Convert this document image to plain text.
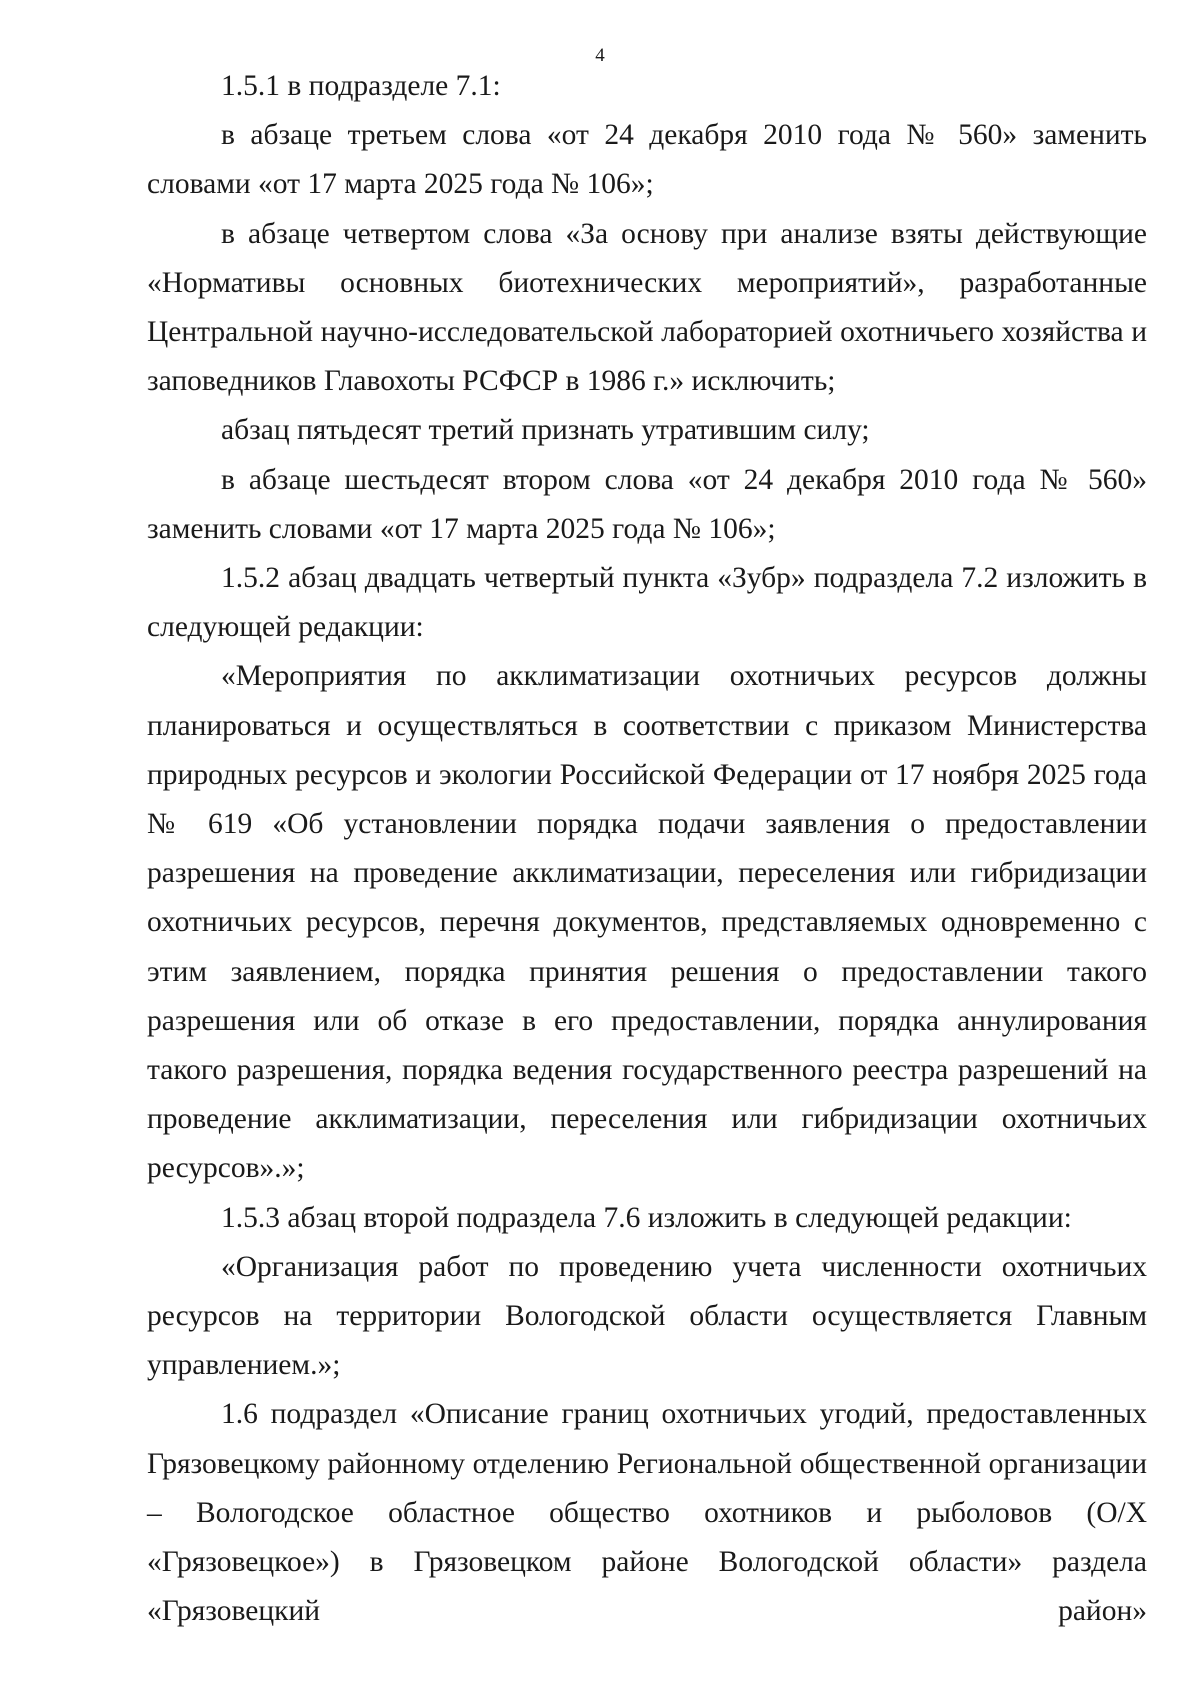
4

1.5.1 в подразделе 7.1:

в абзаце третьем слова «от 24 декабря 2010 года № 560» заменить словами «от 17 марта 2025 года № 106»;

в абзаце четвертом слова «За основу при анализе взяты действующие «Нормативы основных биотехнических мероприятий», разработанные Центральной научно-исследовательской лабораторией охотничьего хозяйства и заповедников Главохоты РСФСР в 1986 г.» исключить;

абзац пятьдесят третий признать утратившим силу;

в абзаце шестьдесят втором слова «от 24 декабря 2010 года № 560» заменить словами «от 17 марта 2025 года № 106»;

1.5.2 абзац двадцать четвертый пункта «Зубр» подраздела 7.2 изложить в следующей редакции:

«Мероприятия по акклиматизации охотничьих ресурсов должны планироваться и осуществляться в соответствии с приказом Министерства природных ресурсов и экологии Российской Федерации от 17 ноября 2025 года № 619 «Об установлении порядка подачи заявления о предоставлении разрешения на проведение акклиматизации, переселения или гибридизации охотничьих ресурсов, перечня документов, представляемых одновременно с этим заявлением, порядка принятия решения о предоставлении такого разрешения или об отказе в его предоставлении, порядка аннулирования такого разрешения, порядка ведения государственного реестра разрешений на проведение акклиматизации, переселения или гибридизации охотничьих ресурсов».»;

1.5.3 абзац второй подраздела 7.6 изложить в следующей редакции:

«Организация работ по проведению учета численности охотничьих ресурсов на территории Вологодской области осуществляется Главным управлением.»;

1.6 подраздел «Описание границ охотничьих угодий, предоставленных Грязовецкому районному отделению Региональной общественной организации – Вологодское областное общество охотников и рыболовов (О/Х «Грязовецкое») в Грязовецком районе Вологодской области» раздела «Грязовецкий район»
